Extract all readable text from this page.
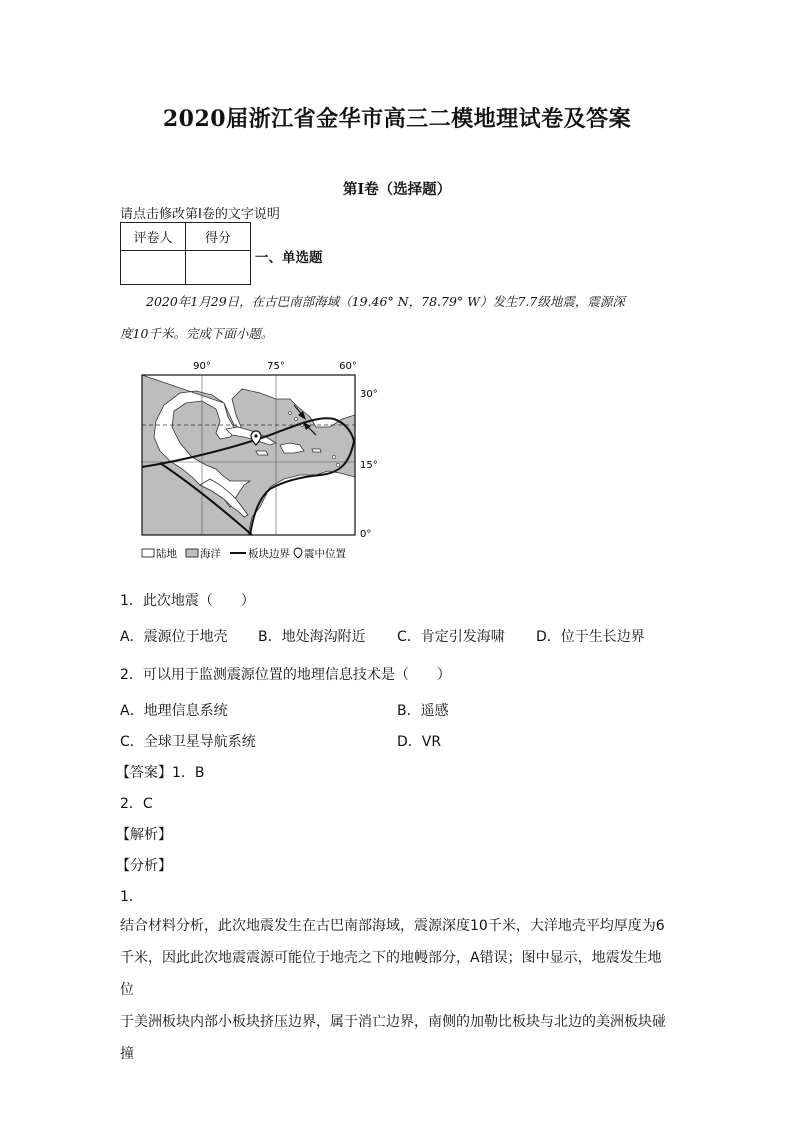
2020届浙江省金华市高三二模地理试卷及答案
第I卷（选择题）
请点击修改第I卷的文字说明
评卷人	得分

一、单选题
2020年1月29日，在古巴南部海域（19.46° N，78.79° W）发生7.7级地震，震源深
度10千米。完成下面小题。
90°	75°	60°
30°
15°
0°
陆地 海洋	板块边界 震中位置
1．此次地震（　　）
A．震源位于地壳 B．地处海沟附近 C．肯定引发海啸 D．位于生长边界
2．可以用于监测震源位置的地理信息技术是（　　）
A．地理信息系统	B．遥感
C．全球卫星导航系统	D．VR
【答案】1．B
2．C
【解析】
【分析】
1．
结合材料分析，此次地震发生在古巴南部海域，震源深度10千米，大洋地壳平均厚度为6
千米，因此此次地震震源可能位于地壳之下的地幔部分，A错误；图中显示，地震发生地位
于美洲板块内部小板块挤压边界，属于消亡边界，南侧的加勒比板块与北边的美洲板块碰撞
